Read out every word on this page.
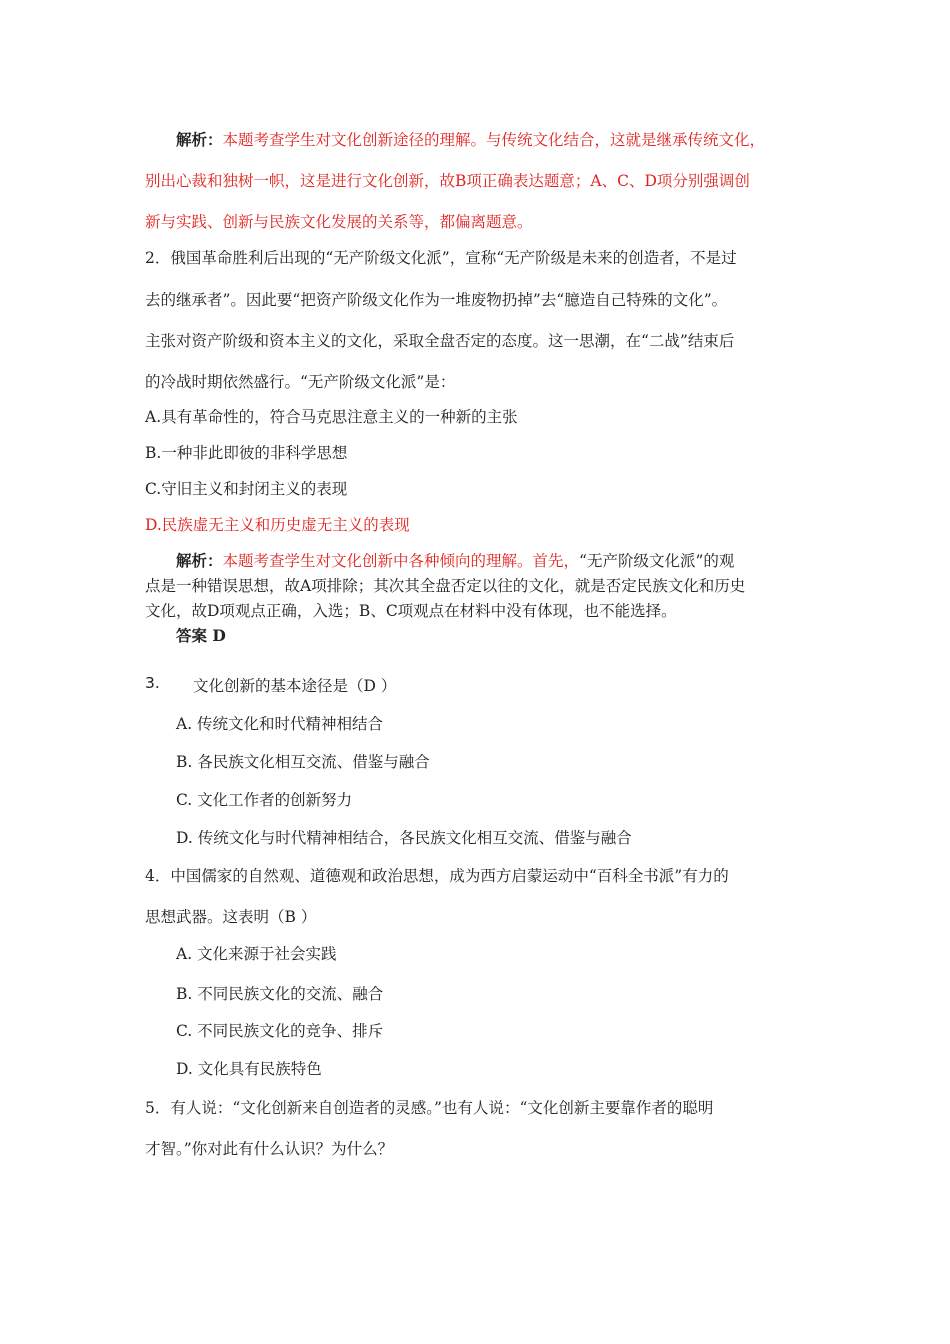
解析：本题考查学生对文化创新途径的理解。与传统文化结合，这就是继承传统文化，
别出心裁和独树一帜，这是进行文化创新，故B项正确表达题意；A、C、D项分别强调创
新与实践、创新与民族文化发展的关系等，都偏离题意。
2．俄国革命胜利后出现的“无产阶级文化派”，宣称“无产阶级是未来的创造者，不是过
去的继承者”。因此要“把资产阶级文化作为一堆废物扔掉”去“臆造自己特殊的文化”。
主张对资产阶级和资本主义的文化，采取全盘否定的态度。这一思潮，在“二战”结束后
的冷战时期依然盛行。“无产阶级文化派”是：
A.具有革命性的，符合马克思注意主义的一种新的主张
B.一种非此即彼的非科学思想
C.守旧主义和封闭主义的表现
D.民族虚无主义和历史虚无主义的表现
解析：本题考查学生对文化创新中各种倾向的理解。首先，“无产阶级文化派”的观
点是一种错误思想，故A项排除；其次其全盘否定以往的文化，就是否定民族文化和历史
文化，故D项观点正确，入选；B、C项观点在材料中没有体现，也不能选择。
答案 D
3. 文化创新的基本途径是（D ）
A. 传统文化和时代精神相结合
B. 各民族文化相互交流、借鉴与融合
C. 文化工作者的创新努力
D. 传统文化与时代精神相结合，各民族文化相互交流、借鉴与融合
4．中国儒家的自然观、道德观和政治思想，成为西方启蒙运动中“百科全书派”有力的
思想武器。这表明（B ）
A. 文化来源于社会实践
B. 不同民族文化的交流、融合
C. 不同民族文化的竞争、排斥
D. 文化具有民族特色
5．有人说：“文化创新来自创造者的灵感。”也有人说：“文化创新主要靠作者的聪明
才智。”你对此有什么认识？为什么？
